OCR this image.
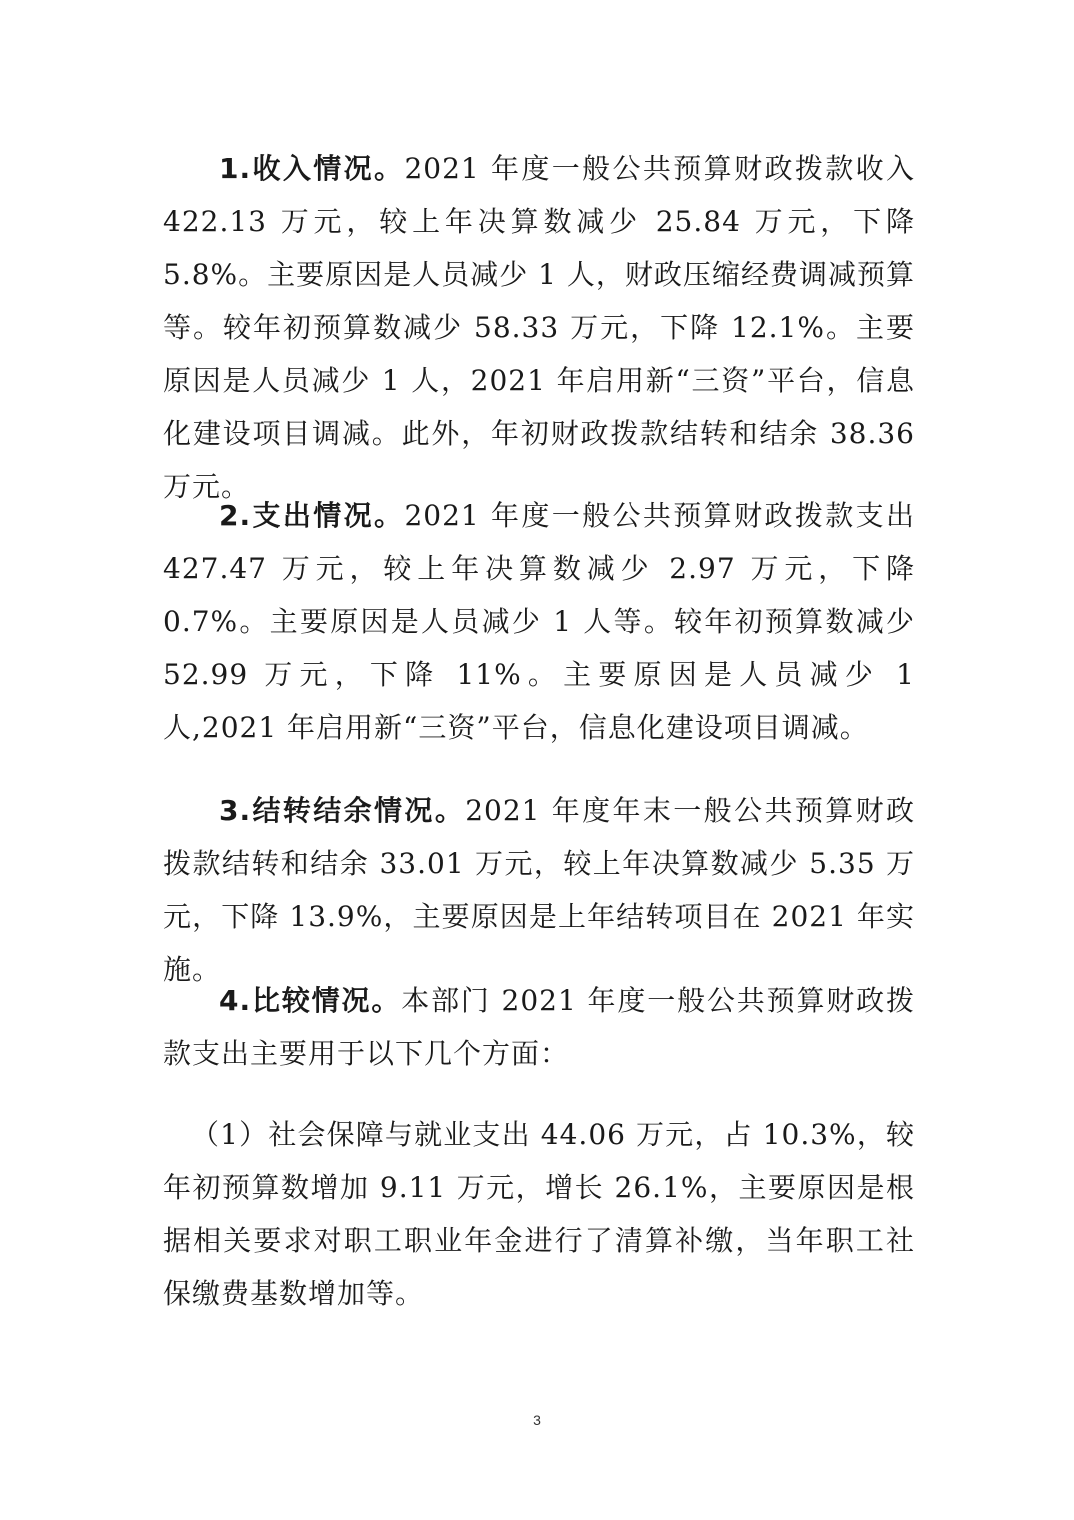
1.收入情况。2021 年度一般公共预算财政拨款收入 422.13 万元，较上年决算数减少 25.84 万元，下降 5.8%。主要原因是人员减少 1 人，财政压缩经费调减预算等。较年初预算数减少 58.33 万元，下降 12.1%。主要原因是人员减少 1 人，2021 年启用新“三资”平台，信息化建设项目调减。此外，年初财政拨款结转和结余 38.36 万元。

2.支出情况。2021 年度一般公共预算财政拨款支出 427.47 万元，较上年决算数减少 2.97 万元，下降 0.7%。主要原因是人员减少 1 人等。较年初预算数减少 52.99 万元，下降 11%。主要原因是人员减少 1 人,2021 年启用新“三资”平台，信息化建设项目调减。

3.结转结余情况。2021 年度年末一般公共预算财政拨款结转和结余 33.01 万元，较上年决算数减少 5.35 万元，下降 13.9%，主要原因是上年结转项目在 2021 年实施。

4.比较情况。本部门 2021 年度一般公共预算财政拨款支出主要用于以下几个方面：

（1）社会保障与就业支出 44.06 万元，占 10.3%，较年初预算数增加 9.11 万元，增长 26.1%，主要原因是根据相关要求对职工职业年金进行了清算补缴，当年职工社保缴费基数增加等。

3
